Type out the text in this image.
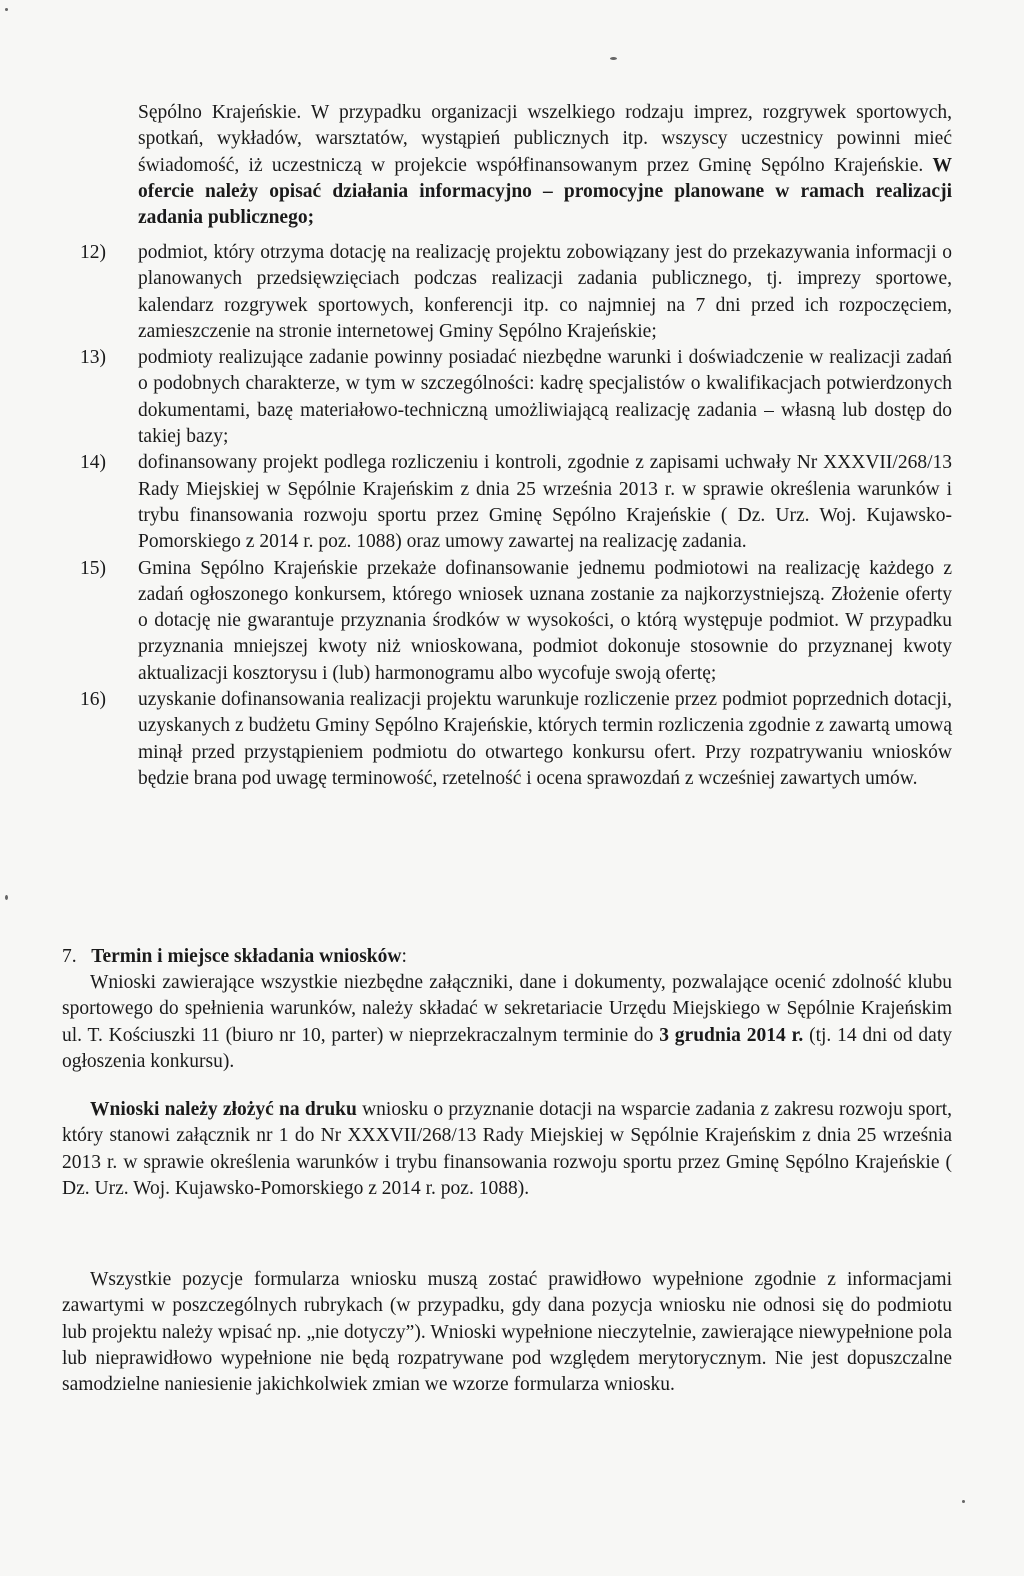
Sępólno Krajeńskie. W przypadku organizacji wszelkiego rodzaju imprez, rozgrywek sportowych, spotkań, wykładów, warsztatów, wystąpień publicznych itp. wszyscy uczestnicy powinni mieć świadomość, iż uczestniczą w projekcie współfinansowanym przez Gminę Sępólno Krajeńskie. W ofercie należy opisać działania informacyjno – promocyjne planowane w ramach realizacji zadania publicznego;
12)	podmiot, który otrzyma dotację na realizację projektu zobowiązany jest do przekazywania informacji o planowanych przedsięwzięciach podczas realizacji zadania publicznego, tj. imprezy sportowe, kalendarz rozgrywek sportowych, konferencji itp. co najmniej na 7 dni przed ich rozpoczęciem, zamieszczenie na stronie internetowej Gminy Sępólno Krajeńskie;
13)	podmioty realizujące zadanie powinny posiadać niezbędne warunki i doświadczenie w realizacji zadań o podobnych charakterze, w tym w szczególności: kadrę specjalistów o kwalifikacjach potwierdzonych dokumentami, bazę materiałowo-techniczną umożliwiającą realizację zadania – własną lub dostęp do takiej bazy;
14)	dofinansowany projekt podlega rozliczeniu i kontroli, zgodnie z zapisami uchwały Nr XXXVII/268/13 Rady Miejskiej w Sępólnie Krajeńskim z dnia 25 września 2013 r. w sprawie określenia warunków i trybu finansowania rozwoju sportu przez Gminę Sępólno Krajeńskie ( Dz. Urz. Woj. Kujawsko-Pomorskiego z 2014 r. poz. 1088) oraz umowy zawartej na realizację zadania.
15)	Gmina Sępólno Krajeńskie przekaże dofinansowanie jednemu podmiotowi na realizację każdego z zadań ogłoszonego konkursem, którego wniosek uznana zostanie za najkorzystniejszą. Złożenie oferty o dotację nie gwarantuje przyznania środków w wysokości, o którą występuje podmiot. W przypadku przyznania mniejszej kwoty niż wnioskowana, podmiot dokonuje stosownie do przyznanej kwoty aktualizacji kosztorysu i (lub) harmonogramu albo wycofuje swoją ofertę;
16)	uzyskanie dofinansowania realizacji projektu warunkuje rozliczenie przez podmiot poprzednich dotacji, uzyskanych z budżetu Gminy Sępólno Krajeńskie, których termin rozliczenia zgodnie z zawartą umową minął przed przystąpieniem podmiotu do otwartego konkursu ofert. Przy rozpatrywaniu wniosków będzie brana pod uwagę terminowość, rzetelność i ocena sprawozdań z wcześniej zawartych umów.
7. Termin i miejsce składania wniosków:
Wnioski zawierające wszystkie niezbędne załączniki, dane i dokumenty, pozwalające ocenić zdolność klubu sportowego do spełnienia warunków, należy składać w sekretariacie Urzędu Miejskiego w Sępólnie Krajeńskim ul. T. Kościuszki 11 (biuro nr 10, parter) w nieprzekraczalnym terminie do 3 grudnia 2014 r. (tj. 14 dni od daty ogłoszenia konkursu).
Wnioski należy złożyć na druku wniosku o przyznanie dotacji na wsparcie zadania z zakresu rozwoju sport, który stanowi załącznik nr 1 do Nr XXXVII/268/13 Rady Miejskiej w Sępólnie Krajeńskim z dnia 25 września 2013 r. w sprawie określenia warunków i trybu finansowania rozwoju sportu przez Gminę Sępólno Krajeńskie ( Dz. Urz. Woj. Kujawsko-Pomorskiego z 2014 r. poz. 1088).
Wszystkie pozycje formularza wniosku muszą zostać prawidłowo wypełnione zgodnie z informacjami zawartymi w poszczególnych rubrykach (w przypadku, gdy dana pozycja wniosku nie odnosi się do podmiotu lub projektu należy wpisać np. „nie dotyczy”). Wnioski wypełnione nieczytelnie, zawierające niewypełnione pola lub nieprawidłowo wypełnione nie będą rozpatrywane pod względem merytorycznym. Nie jest dopuszczalne samodzielne naniesienie jakichkolwiek zmian we wzorze formularza wniosku.
